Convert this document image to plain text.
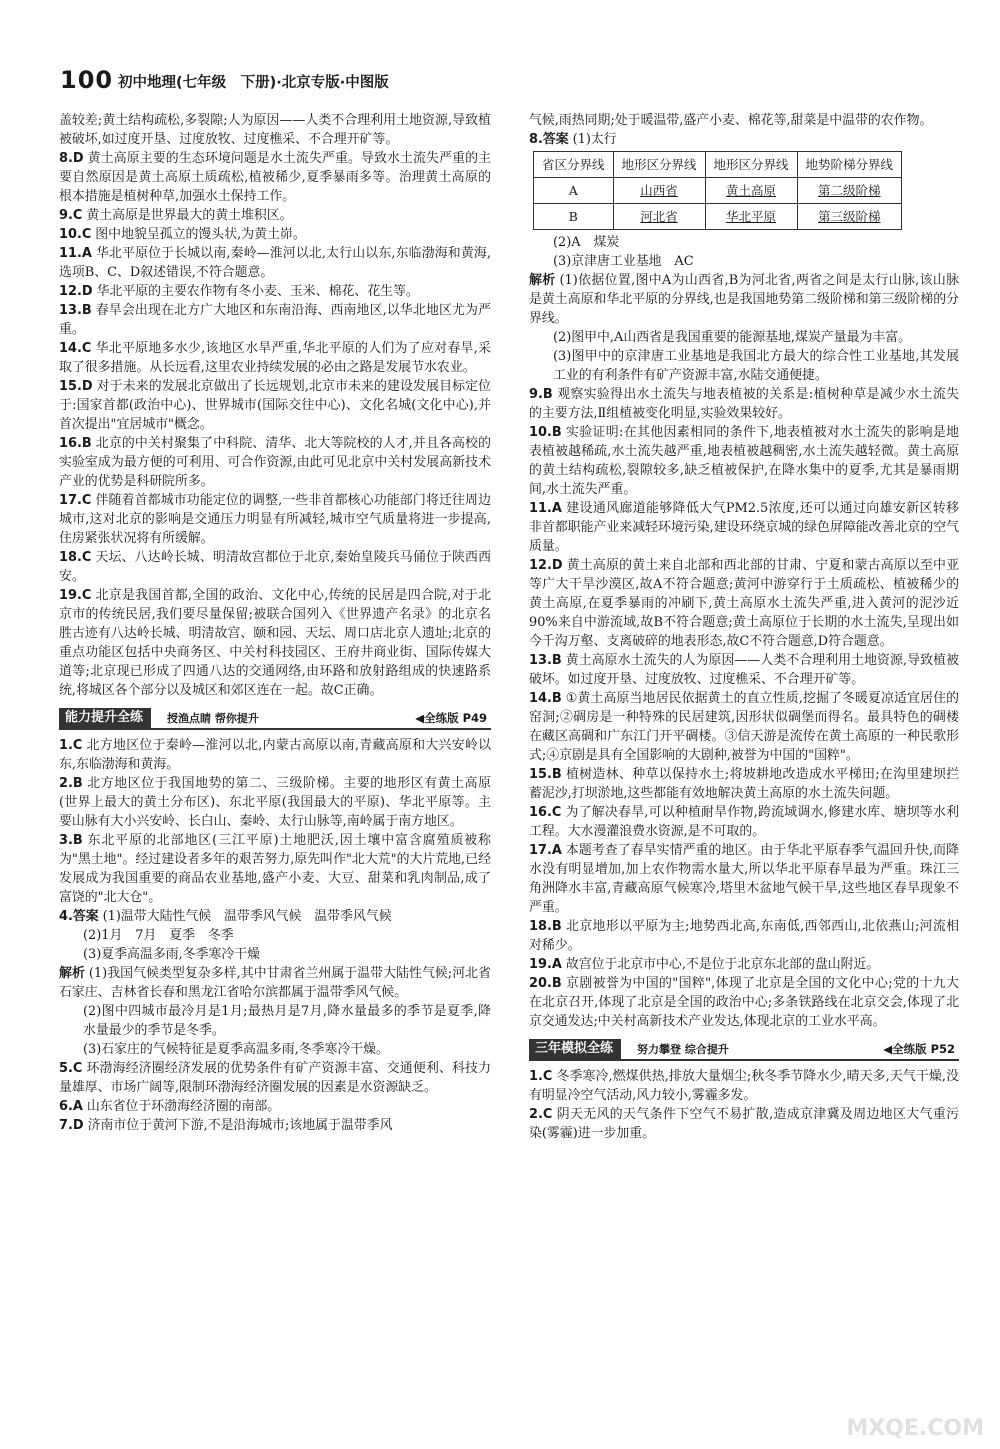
100 初中地理(七年级　下册)·北京专版·中图版
盖较差;黄土结构疏松,多裂隙;人为原因——人类不合理利用土地资源,导致植被破坏,如过度开垦、过度放牧、过度樵采、不合理开矿等。
8.D 黄土高原主要的生态环境问题是水土流失严重。导致水土流失严重的主要自然原因是黄土高原土质疏松,植被稀少,夏季暴雨多等。治理黄土高原的根本措施是植树种草,加强水土保持工作。
9.C 黄土高原是世界最大的黄土堆积区。
10.C 图中地貌呈孤立的馒头状,为黄土峁。
11.A 华北平原位于长城以南,秦岭—淮河以北,太行山以东,东临渤海和黄海,选项B、C、D叙述错误,不符合题意。
12.D 华北平原的主要农作物有冬小麦、玉米、棉花、花生等。
13.B 春旱会出现在北方广大地区和东南沿海、西南地区,以华北地区尤为严重。
14.C 华北平原地多水少,该地区水旱严重,华北平原的人们为了应对春旱,采取了很多措施。从长远看,这里农业持续发展的必由之路是发展节水农业。
15.D 对于未来的发展北京做出了长远规划,北京市未来的建设发展目标定位于:国家首都(政治中心)、世界城市(国际交往中心)、文化名城(文化中心),并首次提出"宜居城市"概念。
16.B 北京的中关村聚集了中科院、清华、北大等院校的人才,并且各高校的实验室成为最方便的可利用、可合作资源,由此可见北京中关村发展高新技术产业的优势是科研院所多。
17.C 伴随着首都城市功能定位的调整,一些非首都核心功能部门将迁往周边城市,这对北京的影响是交通压力明显有所减轻,城市空气质量将进一步提高,住房紧张状况将有所缓解。
18.C 天坛、八达岭长城、明清故宫都位于北京,秦始皇陵兵马俑位于陕西西安。
19.C 北京是我国首都,全国的政治、文化中心,传统的民居是四合院,对于北京市的传统民居,我们要尽量保留;被联合国列入《世界遗产名录》的北京名胜古迹有八达岭长城、明清故宫、颐和园、天坛、周口店北京人遗址;北京的重点功能区包括中央商务区、中关村科技园区、王府井商业街、国际传媒大道等;北京现已形成了四通八达的交通网络,由环路和放射路组成的快速路系统,将城区各个部分以及城区和郊区连在一起。故C正确。
能力提升全练	授渔点睛 帮你提升	◀全练版 P49
1.C 北方地区位于秦岭—淮河以北,内蒙古高原以南,青藏高原和大兴安岭以东,东临渤海和黄海。
2.B 北方地区位于我国地势的第二、三级阶梯。主要的地形区有黄土高原(世界上最大的黄土分布区)、东北平原(我国最大的平原)、华北平原等。主要山脉有大小兴安岭、长白山、秦岭、太行山脉等,南岭属于南方地区。
3.B 东北平原的北部地区(三江平原)土地肥沃,因土壤中富含腐殖质被称为"黑土地"。经过建设者多年的艰苦努力,原先叫作"北大荒"的大片荒地,已经发展成为我国重要的商品农业基地,盛产小麦、大豆、甜菜和乳肉制品,成了富饶的"北大仓"。
4.答案 (1)温带大陆性气候　温带季风气候　温带季风气候
(2)1月　7月　夏季　冬季
(3)夏季高温多雨,冬季寒冷干燥
解析 (1)我国气候类型复杂多样,其中甘肃省兰州属于温带大陆性气候;河北省石家庄、吉林省长春和黑龙江省哈尔滨都属于温带季风气候。
(2)图中四城市最冷月是1月;最热月是7月,降水量最多的季节是夏季,降水量最少的季节是冬季。
(3)石家庄的气候特征是夏季高温多雨,冬季寒冷干燥。
5.C 环渤海经济圈经济发展的优势条件有矿产资源丰富、交通便利、科技力量雄厚、市场广阔等,限制环渤海经济圈发展的因素是水资源缺乏。
6.A 山东省位于环渤海经济圈的南部。
7.D 济南市位于黄河下游,不是沿海城市;该地属于温带季风
气候,雨热同期;处于暖温带,盛产小麦、棉花等,甜菜是中温带的农作物。
8.答案 (1)太行
省区分界线	地形区分界线	地形区分界线	地势阶梯分界线
A	山西省	黄土高原	第二级阶梯
B	河北省	华北平原	第三级阶梯
(2)A　煤炭
(3)京津唐工业基地　AC
解析 (1)依据位置,图中A为山西省,B为河北省,两省之间是太行山脉,该山脉是黄土高原和华北平原的分界线,也是我国地势第二级阶梯和第三级阶梯的分界线。
(2)图甲中,A山西省是我国重要的能源基地,煤炭产量最为丰富。
(3)图甲中的京津唐工业基地是我国北方最大的综合性工业基地,其发展工业的有利条件有矿产资源丰富,水陆交通便捷。
9.B 观察实验得出水土流失与地表植被的关系是:植树种草是减少水土流失的主要方法,Ⅱ组植被变化明显,实验效果较好。
10.B 实验证明:在其他因素相同的条件下,地表植被对水土流失的影响是地表植被越稀疏,水土流失越严重,地表植被越稠密,水土流失越轻微。黄土高原的黄土结构疏松,裂隙较多,缺乏植被保护,在降水集中的夏季,尤其是暴雨期间,水土流失严重。
11.A 建设通风廊道能够降低大气PM2.5浓度,还可以通过向雄安新区转移非首都职能产业来减轻环境污染,建设环绕京城的绿色屏障能改善北京的空气质量。
12.D 黄土高原的黄土来自北部和西北部的甘肃、宁夏和蒙古高原以至中亚等广大干旱沙漠区,故A不符合题意;黄河中游穿行于土质疏松、植被稀少的黄土高原,在夏季暴雨的冲刷下,黄土高原水土流失严重,进入黄河的泥沙近90%来自中游流域,故B不符合题意;黄土高原位于长期的水土流失,呈现出如今千沟万壑、支离破碎的地表形态,故C不符合题意,D符合题意。
13.B 黄土高原水土流失的人为原因——人类不合理利用土地资源,导致植被破坏。如过度开垦、过度放牧、过度樵采、不合理开矿等。
14.B ①黄土高原当地居民依据黄土的直立性质,挖掘了冬暖夏凉适宜居住的窑洞;②碉房是一种特殊的民居建筑,因形状似碉堡而得名。最具特色的碉楼在藏区高碉和广东江门开平碉楼。③信天游是流传在黄土高原的一种民歌形式;④京剧是具有全国影响的大剧种,被誉为中国的"国粹"。
15.B 植树造林、种草以保持水土;将坡耕地改造成水平梯田;在沟里建坝拦蓄泥沙,打坝淤地,这些都能有效地解决黄土高原的水土流失问题。
16.C 为了解决春旱,可以种植耐旱作物,跨流域调水,修建水库、塘坝等水利工程。大水漫灌浪费水资源,是不可取的。
17.A 本题考查了春旱实情严重的地区。由于华北平原春季气温回升快,而降水没有明显增加,加上农作物需水量大,所以华北平原春旱最为严重。珠江三角洲降水丰富,青藏高原气候寒冷,塔里木盆地气候干旱,这些地区春旱现象不严重。
18.B 北京地形以平原为主;地势西北高,东南低,西邻西山,北依燕山;河流相对稀少。
19.A 故宫位于北京市中心,不是位于北京东北部的盘山附近。
20.B 京剧被誉为中国的"国粹",体现了北京是全国的文化中心;党的十九大在北京召开,体现了北京是全国的政治中心;多条铁路线在北京交会,体现了北京交通发达;中关村高新技术产业发达,体现北京的工业水平高。
三年模拟全练	努力攀登 综合提升	◀全练版 P52
1.C 冬季寒冷,燃煤供热,排放大量烟尘;秋冬季节降水少,晴天多,天气干燥,没有明显冷空气活动,风力较小,雾霾多发。
2.C 阴天无风的天气条件下空气不易扩散,造成京津冀及周边地区大气重污染(雾霾)进一步加重。
MXQE.COM
